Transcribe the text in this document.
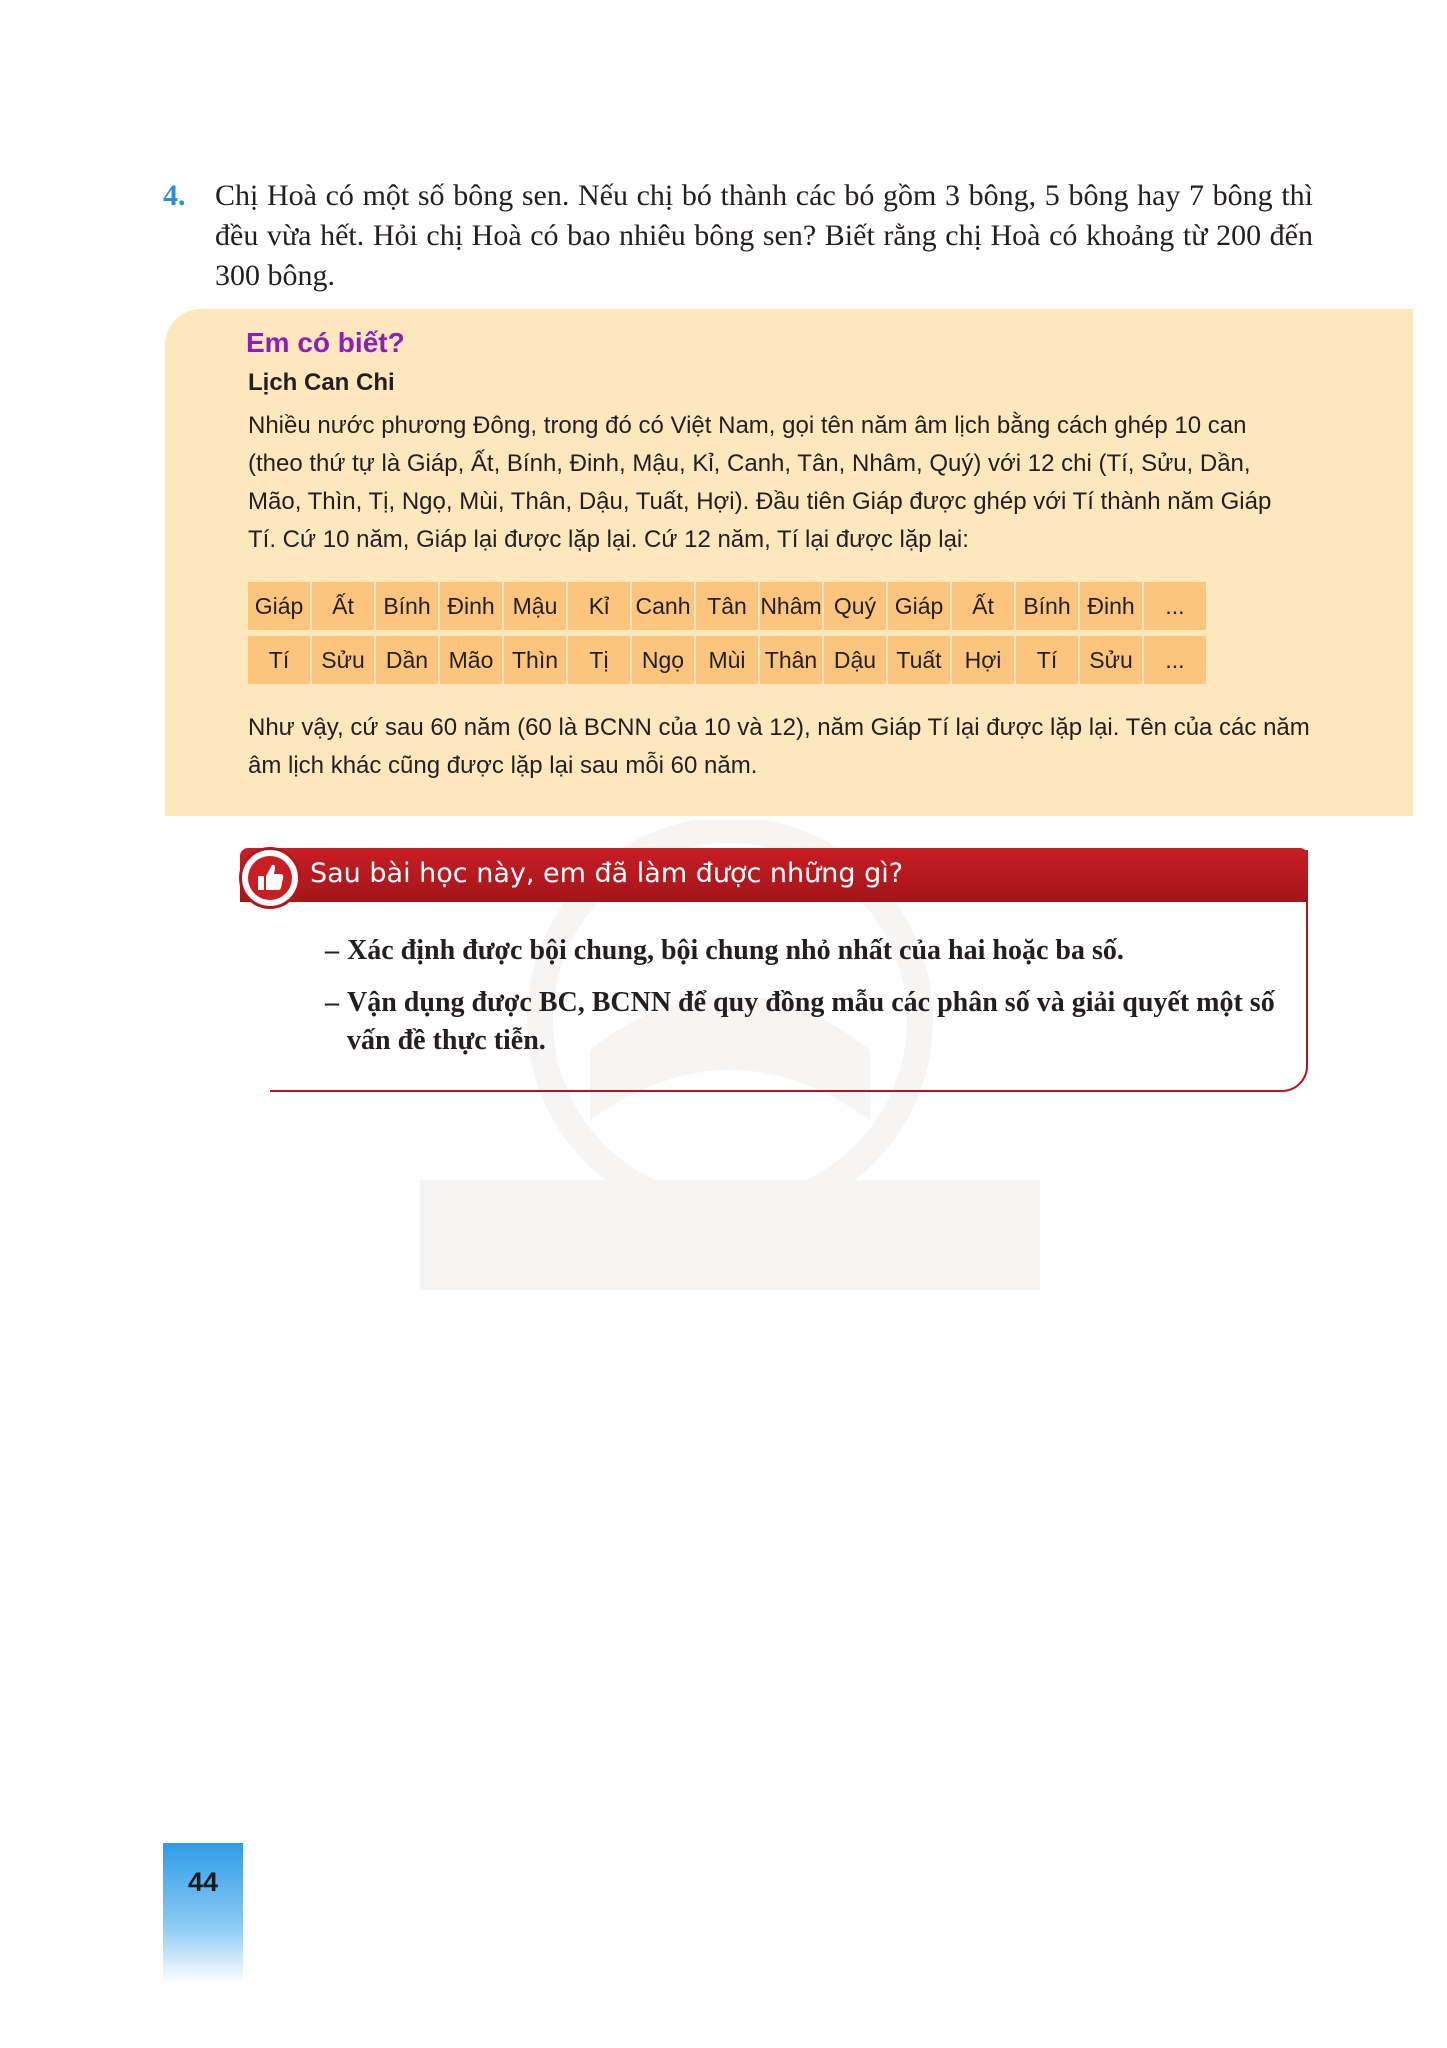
4. Chị Hoà có một số bông sen. Nếu chị bó thành các bó gồm 3 bông, 5 bông hay 7 bông thì đều vừa hết. Hỏi chị Hoà có bao nhiêu bông sen? Biết rằng chị Hoà có khoảng từ 200 đến 300 bông.
Em có biết?
Lịch Can Chi
Nhiều nước phương Đông, trong đó có Việt Nam, gọi tên năm âm lịch bằng cách ghép 10 can (theo thứ tự là Giáp, Ất, Bính, Đinh, Mậu, Kỉ, Canh, Tân, Nhâm, Quý) với 12 chi (Tí, Sửu, Dần, Mão, Thìn, Tị, Ngọ, Mùi, Thân, Dậu, Tuất, Hợi). Đầu tiên Giáp được ghép với Tí thành năm Giáp Tí. Cứ 10 năm, Giáp lại được lặp lại. Cứ 12 năm, Tí lại được lặp lại:
Giáp	Ất	Bính	Đinh	Mậu	Kỉ	Canh	Tân	Nhâm	Quý	Giáp	Ất	Bính	Đinh	...
Tí	Sửu	Dần	Mão	Thìn	Tị	Ngọ	Mùi	Thân	Dậu	Tuất	Hợi	Tí	Sửu	...
Như vậy, cứ sau 60 năm (60 là BCNN của 10 và 12), năm Giáp Tí lại được lặp lại. Tên của các năm âm lịch khác cũng được lặp lại sau mỗi 60 năm.
Sau bài học này, em đã làm được những gì?
– Xác định được bội chung, bội chung nhỏ nhất của hai hoặc ba số.
– Vận dụng được BC, BCNN để quy đồng mẫu các phân số và giải quyết một số vấn đề thực tiễn.
44
